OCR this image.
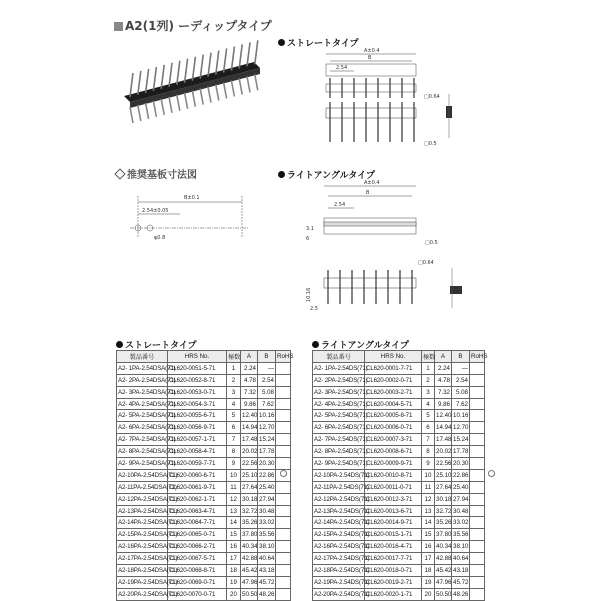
A2(1列) ーディップタイプ
ストレートタイプ
A±0.4
B
2.54
□0.64
□0.5
推奨基板寸法図
B±0.1
2.54±0.05
φ0.8
ライトアングルタイプ
A±0.4
B
2.54
3.1
6
□0.5
□0.64
10.16
2.5
ストレートタイプ
製品番号	HRS No.	極数	A	B	RoHS
A2- 1PA-2.54DSA(71)	CL620-0051-5-71	1	2.24	—	
A2- 2PA-2.54DSA(71)	CL620-0052-8-71	2	4.78	2.54	
A2- 3PA-2.54DSA(71)	CL620-0053-0-71	3	7.32	5.08	
A2- 4PA-2.54DSA(71)	CL620-0054-3-71	4	9.86	7.62	
A2- 5PA-2.54DSA(71)	CL620-0055-6-71	5	12.40	10.16	
A2- 6PA-2.54DSA(71)	CL620-0056-9-71	6	14.94	12.70	
A2- 7PA-2.54DSA(71)	CL620-0057-1-71	7	17.48	15.24	
A2- 8PA-2.54DSA(71)	CL620-0058-4-71	8	20.02	17.78	
A2- 9PA-2.54DSA(71)	CL620-0059-7-71	9	22.56	20.30	
A2-10PA-2.54DSA(71)	CL620-0060-6-71	10	25.10	22.86	
A2-11PA-2.54DSA(71)	CL620-0061-9-71	11	27.64	25.40	
A2-12PA-2.54DSA(71)	CL620-0062-1-71	12	30.18	27.94	
A2-13PA-2.54DSA(71)	CL620-0063-4-71	13	32.72	30.48	
A2-14PA-2.54DSA(71)	CL620-0064-7-71	14	35.26	33.02	
A2-15PA-2.54DSA(71)	CL620-0065-0-71	15	37.80	35.56	
A2-16PA-2.54DSA(71)	CL620-0066-2-71	16	40.34	38.10	
A2-17PA-2.54DSA(71)	CL620-0067-5-71	17	42.88	40.64	
A2-18PA-2.54DSA(71)	CL620-0068-8-71	18	45.42	43.18	
A2-19PA-2.54DSA(71)	CL620-0069-0-71	19	47.96	45.72	
A2-20PA-2.54DSA(71)	CL620-0070-0-71	20	50.50	48.26	
ライトアングルタイプ
製品番号	HRS No.	極数	A	B	RoHS
A2- 1PA-2.54DS(71)	CL620-0001-7-71	1	2.24	—	
A2- 2PA-2.54DS(71)	CL620-0002-0-71	2	4.78	2.54	
A2- 3PA-2.54DS(71)	CL620-0003-2-71	3	7.32	5.08	
A2- 4PA-2.54DS(71)	CL620-0004-5-71	4	9.86	7.62	
A2- 5PA-2.54DS(71)	CL620-0005-8-71	5	12.40	10.16	
A2- 6PA-2.54DS(71)	CL620-0006-0-71	6	14.94	12.70	
A2- 7PA-2.54DS(71)	CL620-0007-3-71	7	17.48	15.24	
A2- 8PA-2.54DS(71)	CL620-0008-6-71	8	20.02	17.78	
A2- 9PA-2.54DS(71)	CL620-0009-9-71	9	22.56	20.30	
A2-10PA-2.54DS(71)	CL620-0010-8-71	10	25.10	22.86	
A2-11PA-2.54DS(71)	CL620-0011-0-71	11	27.64	25.40	
A2-12PA-2.54DS(71)	CL620-0012-3-71	12	30.18	27.94	
A2-13PA-2.54DS(71)	CL620-0013-6-71	13	32.72	30.48	
A2-14PA-2.54DS(71)	CL620-0014-9-71	14	35.26	33.02	
A2-15PA-2.54DS(71)	CL620-0015-1-71	15	37.80	35.56	
A2-16PA-2.54DS(71)	CL620-0016-4-71	16	40.34	38.10	
A2-17PA-2.54DS(71)	CL620-0017-7-71	17	42.88	40.64	
A2-18PA-2.54DS(71)	CL620-0018-0-71	18	45.42	43.18	
A2-19PA-2.54DS(71)	CL620-0019-2-71	19	47.96	45.72	
A2-20PA-2.54DS(71)	CL620-0020-1-71	20	50.50	48.26	
